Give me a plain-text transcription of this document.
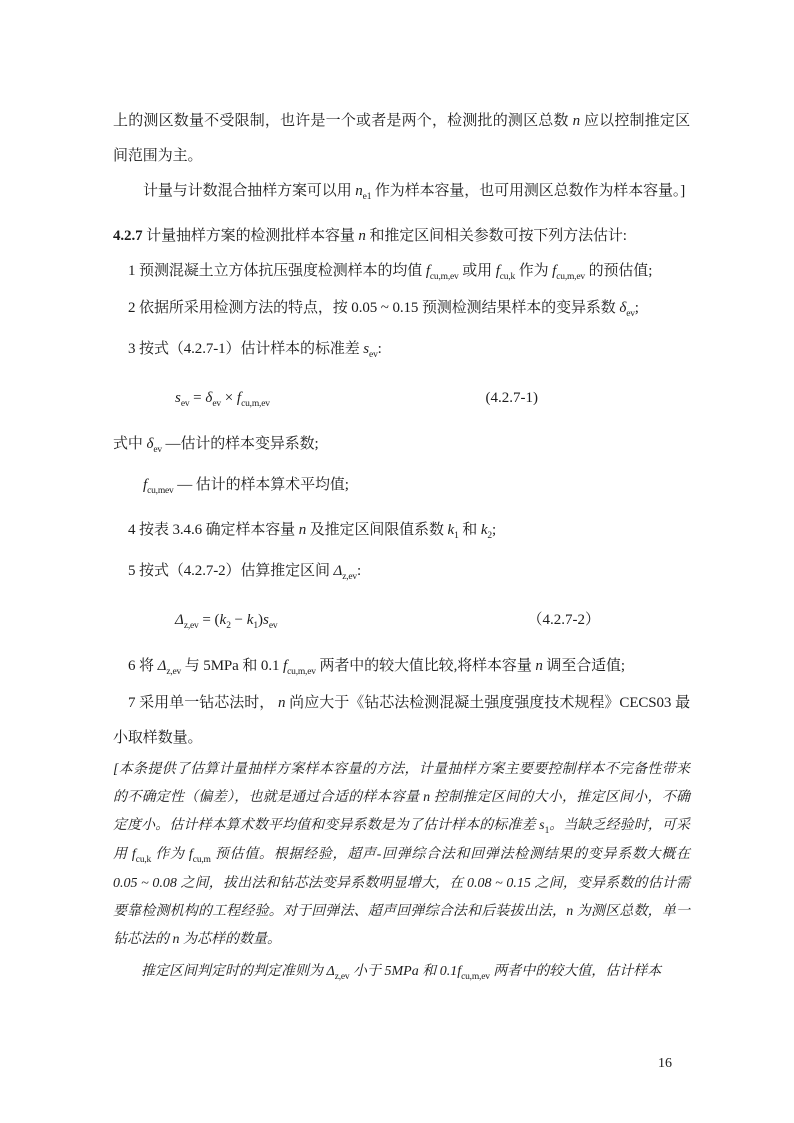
上的测区数量不受限制，也许是一个或者是两个，检测批的测区总数 n 应以控制推定区间范围为主。
计量与计数混合抽样方案可以用 $n_{e1}$ 作为样本容量，也可用测区总数作为样本容量。]
4.2.7 计量抽样方案的检测批样本容量 n 和推定区间相关参数可按下列方法估计:
1 预测混凝土立方体抗压强度检测样本的均值 $f_{cu,m,ev}$ 或用 $f_{cu,k}$ 作为 $f_{cu,m,ev}$ 的预估值;
2 依据所采用检测方法的特点，按 0.05 ~ 0.15 预测检测结果样本的变异系数 $\delta_{ev}$;
3 按式（4.2.7-1）估计样本的标准差 $s_{ev}$:
$s_{ev} = \delta_{ev} \times f_{cu,m,ev}$	(4.2.7-1)
式中 $\delta_{ev}$ —估计的样本变异系数;
$f_{cu,mev}$ — 估计的样本算术平均值;
4 按表 3.4.6 确定样本容量 n 及推定区间限值系数 $k_1$ 和 $k_2$;
5 按式（4.2.7-2）估算推定区间 $\Delta_{z,ev}$:
$\Delta_{z,ev} = (k_2 - k_1)s_{ev}$	（4.2.7-2）
6 将 $\Delta_{z,ev}$ 与 5MPa 和 0.1 $f_{cu,m,ev}$ 两者中的较大值比较,将样本容量 n 调至合适值;
7 采用单一钻芯法时， n 尚应大于《钻芯法检测混凝土强度强度技术规程》CECS03 最小取样数量。
[本条提供了估算计量抽样方案样本容量的方法，计量抽样方案主要要控制样本不完备性带来的不确定性（偏差），也就是通过合适的样本容量 n 控制推定区间的大小，推定区间小，不确定度小。估计样本算术数平均值和变异系数是为了估计样本的标准差 $s_1$。当缺乏经验时，可采用 $f_{cu,k}$ 作为 $f_{cu,m}$ 预估值。根据经验，超声-回弹综合法和回弹法检测结果的变异系数大概在 0.05 ~ 0.08 之间，拔出法和钻芯法变异系数明显增大，在 0.08 ~ 0.15 之间，变异系数的估计需要靠检测机构的工程经验。对于回弹法、超声回弹综合法和后装拔出法，n 为测区总数，单一钻芯法的 n 为芯样的数量。
推定区间判定时的判定准则为 $\Delta_{z,ev}$ 小于 5MPa 和 $0.1f_{cu,m,ev}$ 两者中的较大值，估计样本
16
